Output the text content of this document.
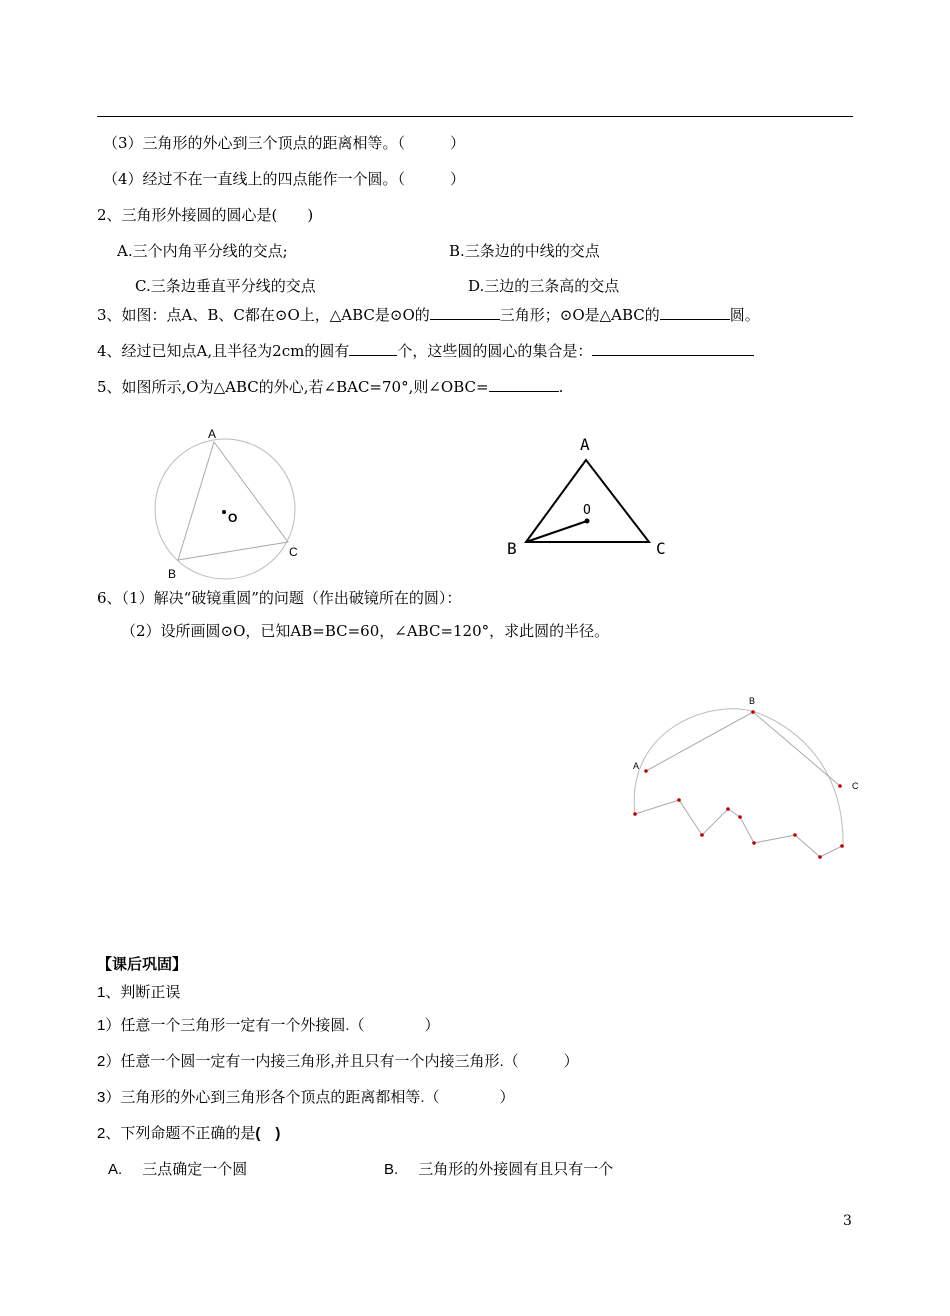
（3）三角形的外心到三个顶点的距离相等。（　　　）
（4）经过不在一直线上的四点能作一个圆。（　　　）
2、三角形外接圆的圆心是(　　)
A.三个内角平分线的交点;	B.三条边的中线的交点
C.三条边垂直平分线的交点	D.三边的三条高的交点
3、如图：点A、B、C都在⊙O上，△ABC是⊙O的	三角形；⊙O是△ABC的	圆。
4、经过已知点A,且半径为2cm的圆有	个，这些圆的圆心的集合是：
5、如图所示,O为△ABC的外心,若∠BAC=70°,则∠OBC=	.
A
O
C
B
A
O
B	C
6、（1）解决“破镜重圆”的问题（作出破镜所在的圆）：
（2）设所画圆⊙O，已知AB=BC=60，∠ABC=120°，求此圆的半径。
A
B
C
【课后巩固】
1、判断正误
1）任意一个三角形一定有一个外接圆.（　　　　）
2）任意一个圆一定有一内接三角形,并且只有一个内接三角形.（　　　）
3）三角形的外心到三角形各个顶点的距离都相等.（　　　　）
2、下列命题不正确的是(　)
A. 三点确定一个圆	B. 三角形的外接圆有且只有一个
3
